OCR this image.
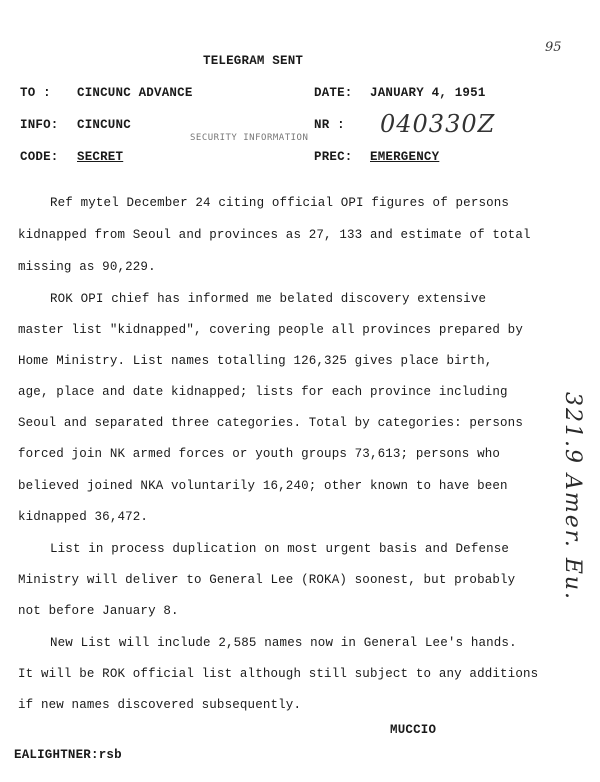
95
TELEGRAM SENT
TO : CINCUNC ADVANCE	DATE: JANUARY 4, 1951
INFO: CINCUNC
SECURITY INFORMATION
NR : 040330Z
CODE: SECRET	PREC: EMERGENCY
Ref mytel December 24 citing official OPI figures of persons
kidnapped from Seoul and provinces as 27, 133 and estimate of total
missing as 90,229.
ROK OPI chief has informed me belated discovery extensive
master list "kidnapped", covering people all provinces prepared by
Home Ministry. List names totalling 126,325 gives place birth,
age, place and date kidnapped; lists for each province including
Seoul and separated three categories. Total by categories: persons
forced join NK armed forces or youth groups 73,613; persons who
believed joined NKA voluntarily 16,240; other known to have been
kidnapped 36,472.
List in process duplication on most urgent basis and Defense
Ministry will deliver to General Lee (ROKA) soonest, but probably
not before January 8.
New List will include 2,585 names now in General Lee's hands.
It will be ROK official list although still subject to any additions
if new names discovered subsequently.
MUCCIO
EALIGHTNER:rsb
321.9 Amer. Eu.
